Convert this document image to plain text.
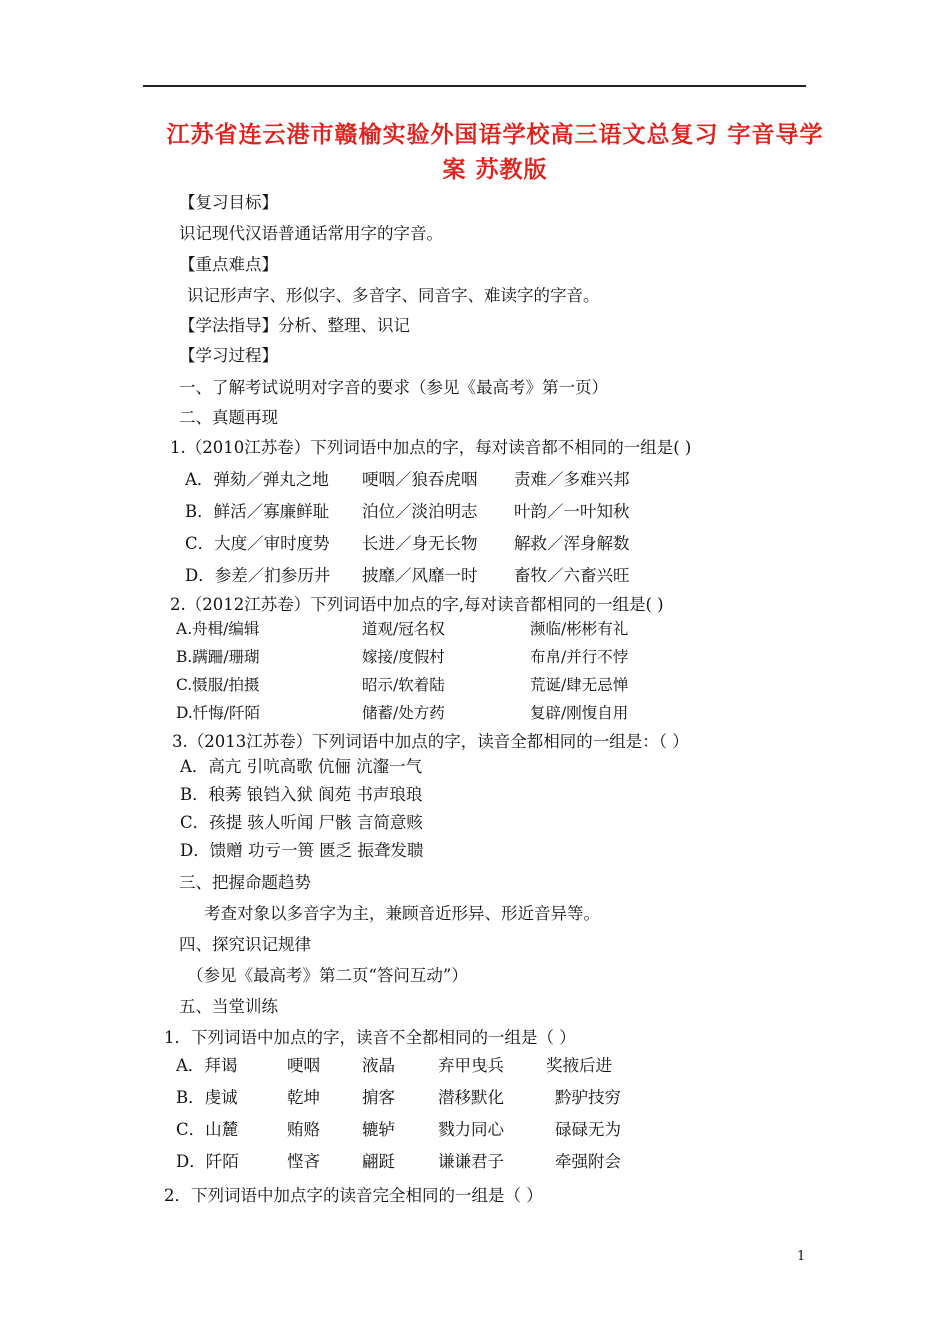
江苏省连云港市赣榆实验外国语学校高三语文总复习 字音导学
案 苏教版
【复习目标】
识记现代汉语普通话常用字的字音。
【重点难点】
识记形声字、形似字、多音字、同音字、难读字的字音。
【学法指导】分析、整理、识记
【学习过程】
一、了解考试说明对字音的要求（参见《最高考》第一页）
二、真题再现
1.（2010江苏卷）下列词语中加点的字，每对读音都不相同的一组是( )
A．弹劾／弹丸之地 哽咽／狼吞虎咽 责难／多难兴邦
B．鲜活／寡廉鲜耻 泊位／淡泊明志 叶韵／一叶知秋
C．大度／审时度势 长进／身无长物 解救／浑身解数
D．参差／扪参历井 披靡／风靡一时 畜牧／六畜兴旺
2.（2012江苏卷）下列词语中加点的字,每对读音都相同的一组是( )
A.舟楫/编辑	道观/冠名权	濒临/彬彬有礼
B.蹒跚/珊瑚	嫁接/度假村	布帛/并行不悖
C.慑服/拍摄	昭示/软着陆	荒诞/肆无忌惮
D.忏悔/阡陌	储蓄/处方药	复辟/刚愎自用
3.（2013江苏卷）下列词语中加点的字，读音全都相同的一组是：（ ）
A．高亢 引吭高歌 伉俪 沆瀣一气
B．稂莠 锒铛入狱 阆苑 书声琅琅
C．孩提 骇人听闻 尸骸 言简意赅
D．馈赠 功亏一篑 匮乏 振聋发聩
三、把握命题趋势
考查对象以多音字为主，兼顾音近形异、形近音异等。
四、探究识记规律
（参见《最高考》第二页“答问互动”）
五、当堂训练
1．下列词语中加点的字，读音不全都相同的一组是（ ）
A．拜谒	哽咽	液晶	弃甲曳兵	奖掖后进
B．虔诚	乾坤	掮客	潜移默化	黔驴技穷
C．山麓	贿赂	辘轳	戮力同心	碌碌无为
D．阡陌	悭吝	翩跹	谦谦君子	牵强附会
2．下列词语中加点字的读音完全相同的一组是（ ）
1
